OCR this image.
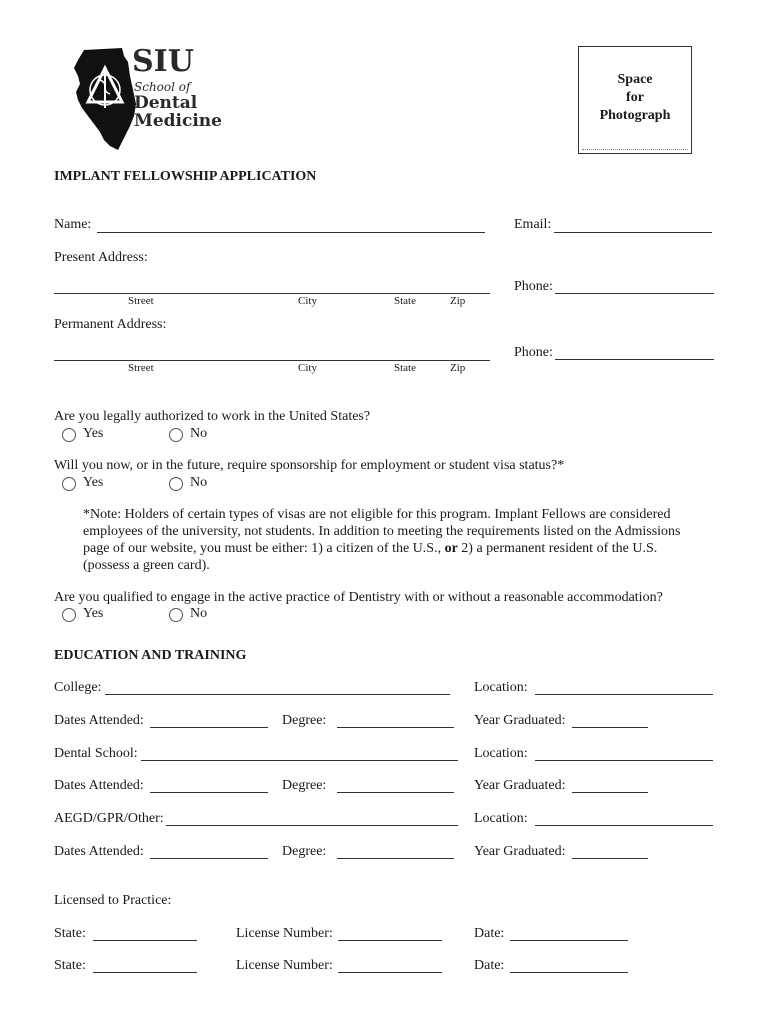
SIU
School of
Dental
Medicine
Space
for
Photograph
IMPLANT FELLOWSHIP APPLICATION
Name:	Email:
Present Address:
Street	City	State	Zip
Phone:
Permanent Address:
Street	City	State	Zip
Phone:
Are you legally authorized to work in the United States?
Yes	No
Will you now, or in the future, require sponsorship for employment or student visa status?*
Yes	No
*Note: Holders of certain types of visas are not eligible for this program. Implant Fellows are considered employees of the university, not students. In addition to meeting the requirements listed on the Admissions page of our website, you must be either: 1) a citizen of the U.S., or 2) a permanent resident of the U.S. (possess a green card).
Are you qualified to engage in the active practice of Dentistry with or without a reasonable accommodation?
Yes	No
EDUCATION AND TRAINING
College:	Location:
Dates Attended:	Degree:	Year Graduated:
Dental School:	Location:
Dates Attended:	Degree:	Year Graduated:
AEGD/GPR/Other:	Location:
Dates Attended:	Degree:	Year Graduated:
Licensed to Practice:
State:	License Number:	Date:
State:	License Number:	Date:
